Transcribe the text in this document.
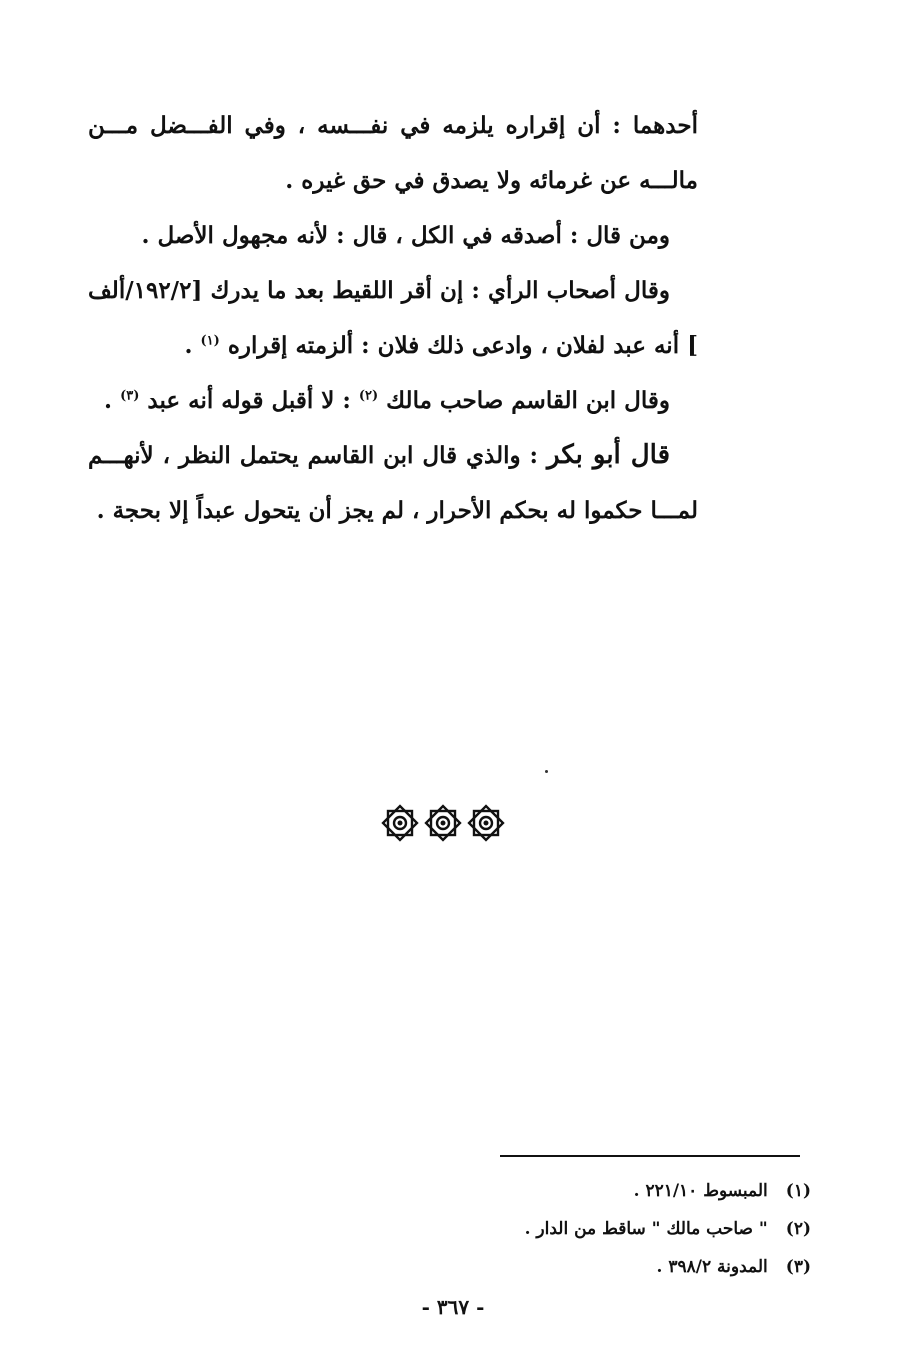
أحدهما : أن إقراره يلزمه في نفـــسه ، وفي الفـــضل مـــن مالـــه عن غرمائه ولا يصدق في حق غيره .

ومن قال : أصدقه في الكل ، قال : لأنه مجهول الأصل .

وقال أصحاب الرأي : إن أقر اللقيط بعد ما يدرك [١٩٢/٢/ألف ] أنه عبد لفلان ، وادعى ذلك فلان : ألزمته إقراره $^{(١)}$ .

وقال ابن القاسم صاحب مالك $^{(٢)}$ : لا أقبل قوله أنه عبد $^{(٣)}$ .

قال أبو بكر : والذي قال ابن القاسم يحتمل النظر ، لأنهـــم لمـــا حكموا له بحكم الأحرار ، لم يجز أن يتحول عبداً إلا بحجة .

(١)المبسوط ٢٢١/١٠ .
(٢)" صاحب مالك " ساقط من الدار .
(٣)المدونة ٣٩٨/٢ .
- ٣٦٧ -
